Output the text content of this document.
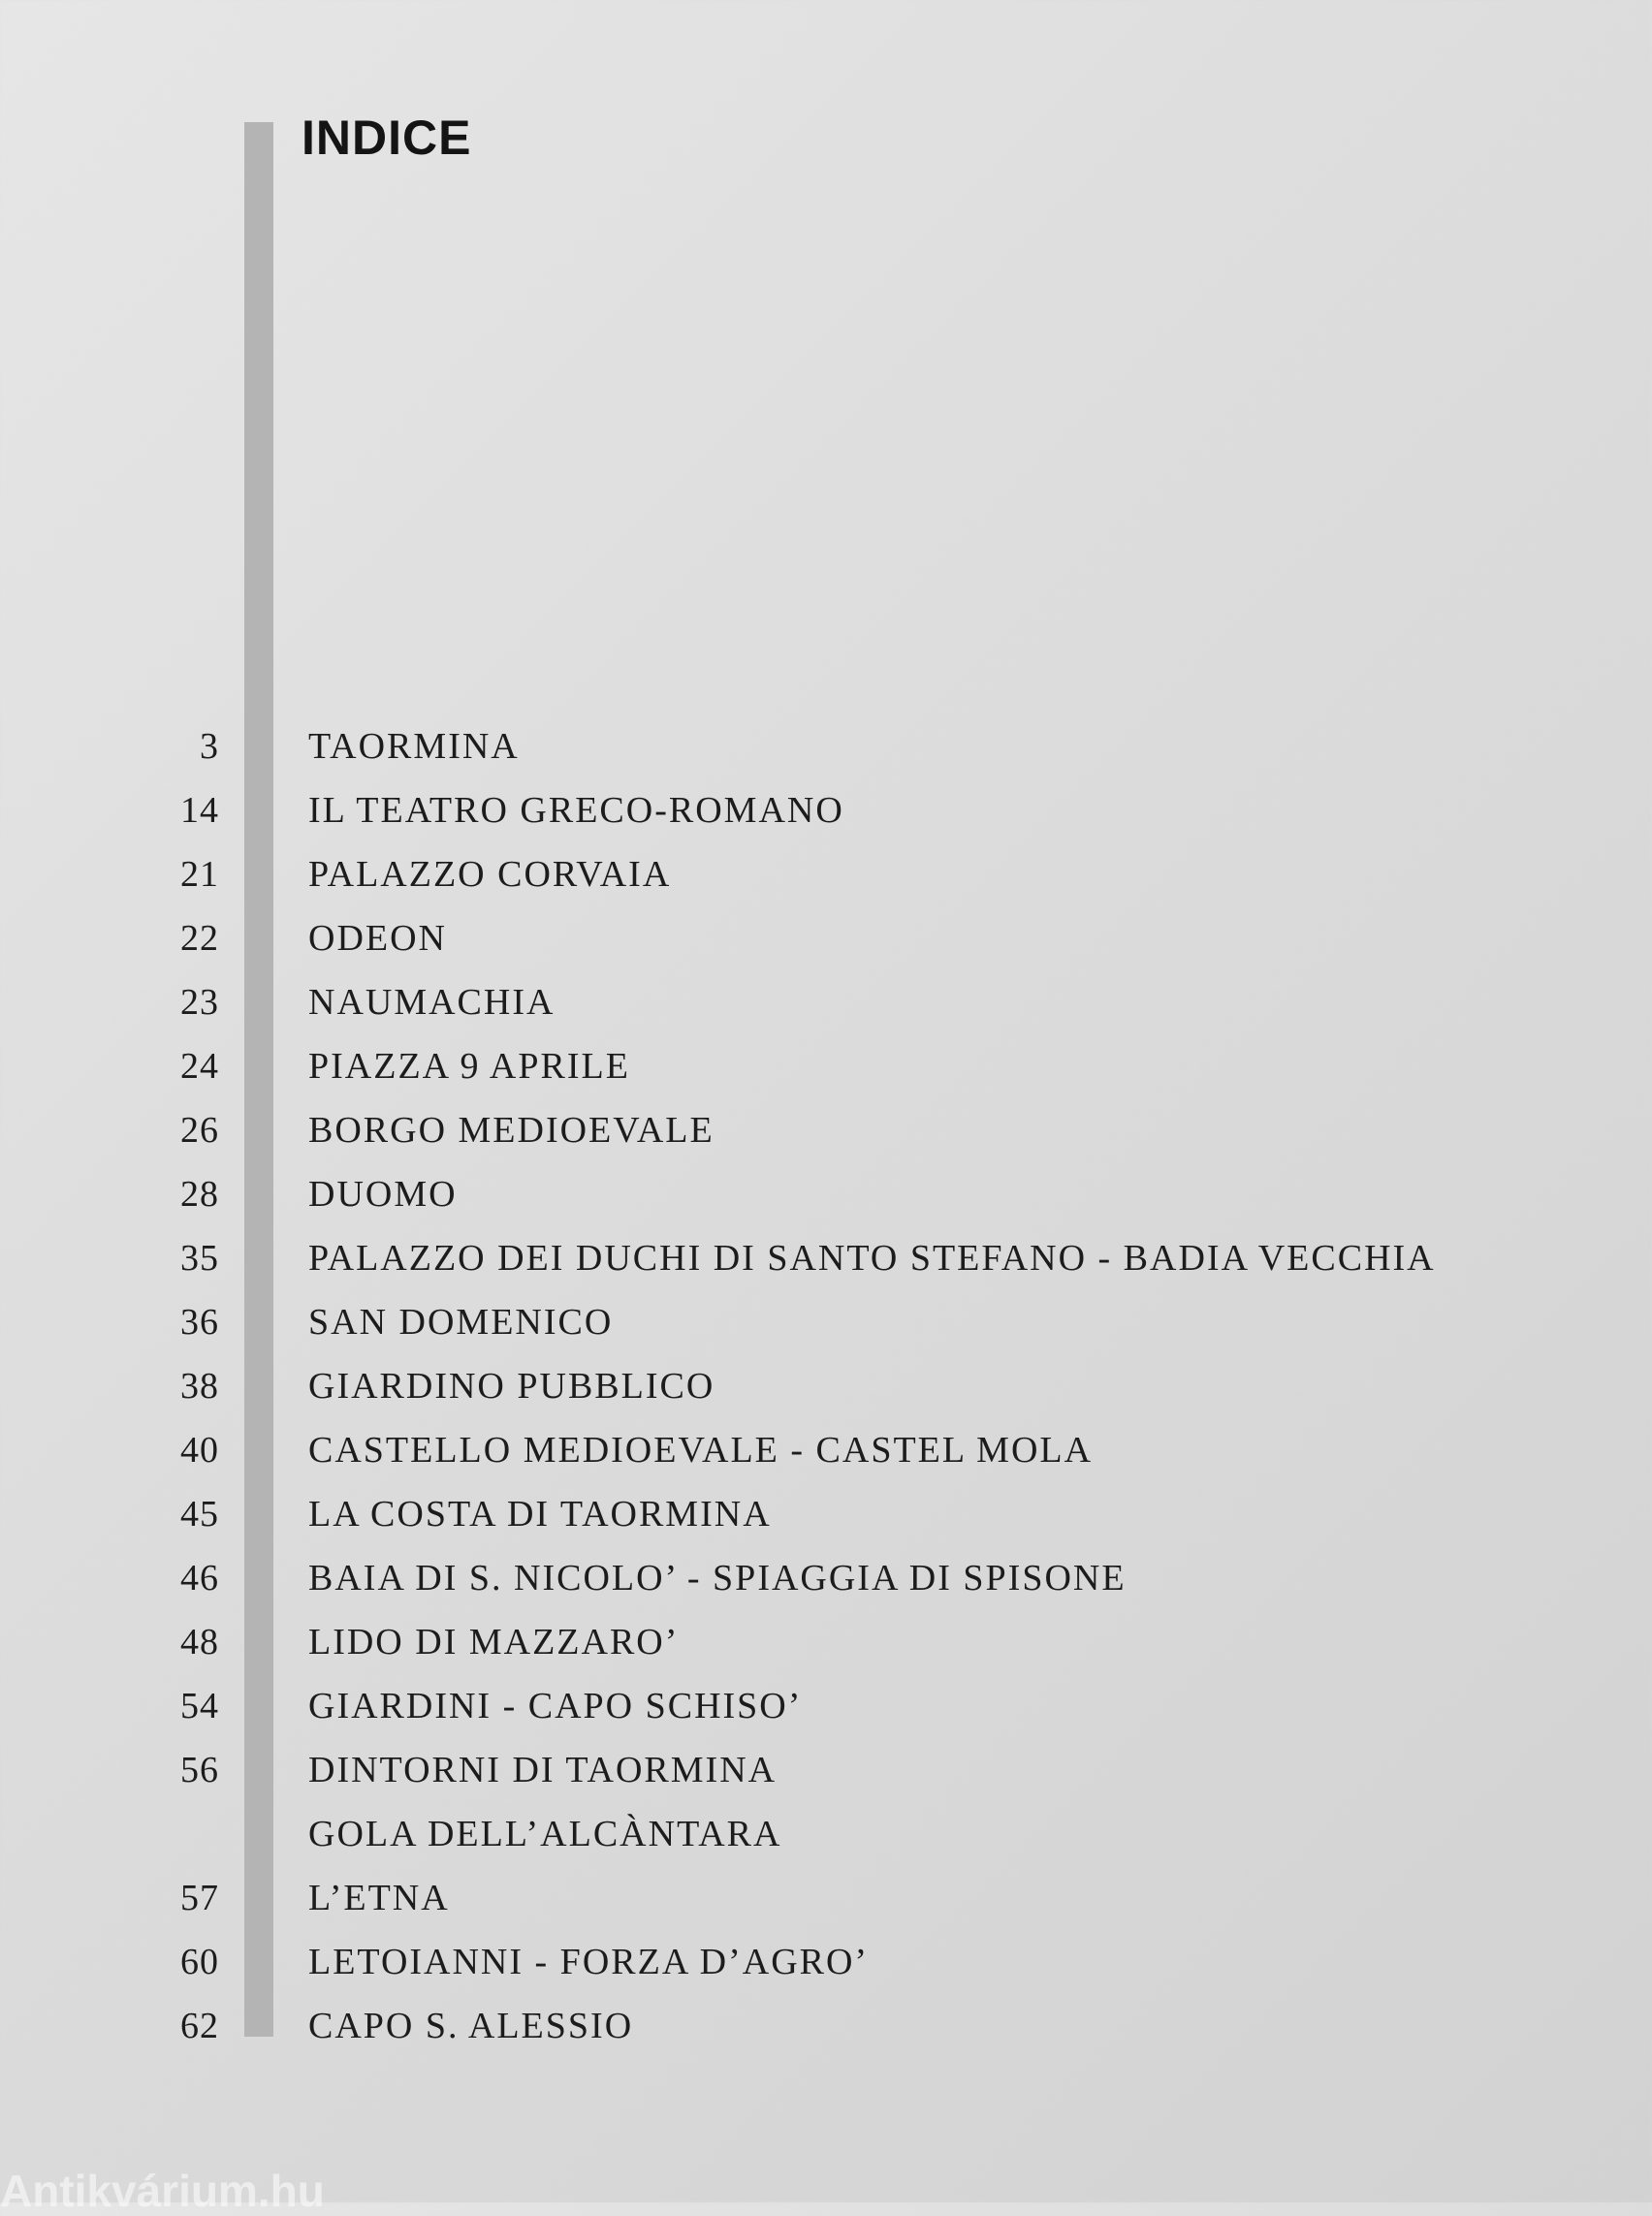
INDICE
3 TAORMINA
14 IL TEATRO GRECO-ROMANO
21 PALAZZO CORVAIA
22 ODEON
23 NAUMACHIA
24 PIAZZA 9 APRILE
26 BORGO MEDIOEVALE
28 DUOMO
35 PALAZZO DEI DUCHI DI SANTO STEFANO - BADIA VECCHIA
36 SAN DOMENICO
38 GIARDINO PUBBLICO
40 CASTELLO MEDIOEVALE - CASTEL MOLA
45 LA COSTA DI TAORMINA
46 BAIA DI S. NICOLO’ - SPIAGGIA DI SPISONE
48 LIDO DI MAZZARO’
54 GIARDINI - CAPO SCHISO’
56 DINTORNI DI TAORMINA
GOLA DELL’ALCÀNTARA
57 L’ETNA
60 LETOIANNI - FORZA D’AGRO’
62 CAPO S. ALESSIO
Antikvárium.hu
